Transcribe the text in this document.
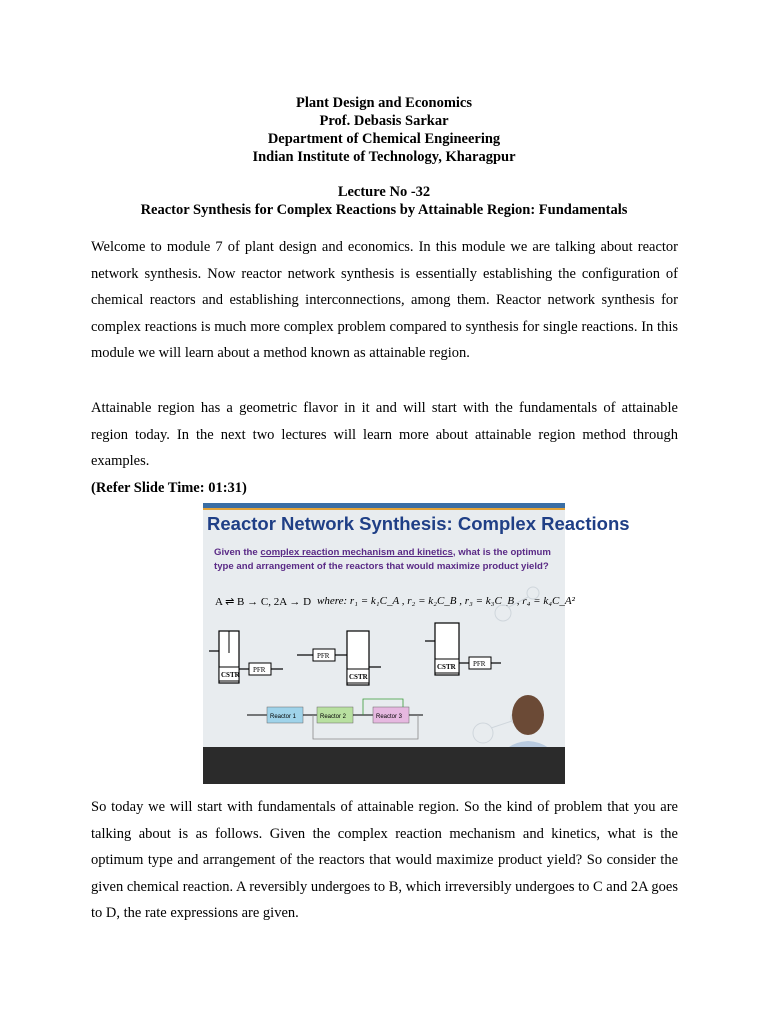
Plant Design and Economics
Prof. Debasis Sarkar
Department of Chemical Engineering
Indian Institute of Technology, Kharagpur
Lecture No -32
Reactor Synthesis for Complex Reactions by Attainable Region: Fundamentals
Welcome to module 7 of plant design and economics. In this module we are talking about reactor network synthesis. Now reactor network synthesis is essentially establishing the configuration of chemical reactors and establishing interconnections, among them. Reactor network synthesis for complex reactions is much more complex problem compared to synthesis for single reactions. In this module we will learn about a method known as attainable region.
Attainable region has a geometric flavor in it and will start with the fundamentals of attainable region today. In the next two lectures will learn more about attainable region method through examples.
(Refer Slide Time: 01:31)
Reactor Network Synthesis: Complex Reactions
Given the complex reaction mechanism and kinetics, what is the optimum type and arrangement of the reactors that would maximize product yield?
A ⇌ B → C, 2A → D where: r₁ = k₁C_A , r₂ = k₂C_B , r₃ = k₃C_B , r₄ = k₄C_A²
CSTR
PFR
PFR
CSTR
CSTR PFR
Reactor 1	Reactor 2	Reactor 3
So today we will start with fundamentals of attainable region. So the kind of problem that you are talking about is as follows. Given the complex reaction mechanism and kinetics, what is the optimum type and arrangement of the reactors that would maximize product yield? So consider the given chemical reaction. A reversibly undergoes to B, which irreversibly undergoes to C and 2A goes to D, the rate expressions are given.
